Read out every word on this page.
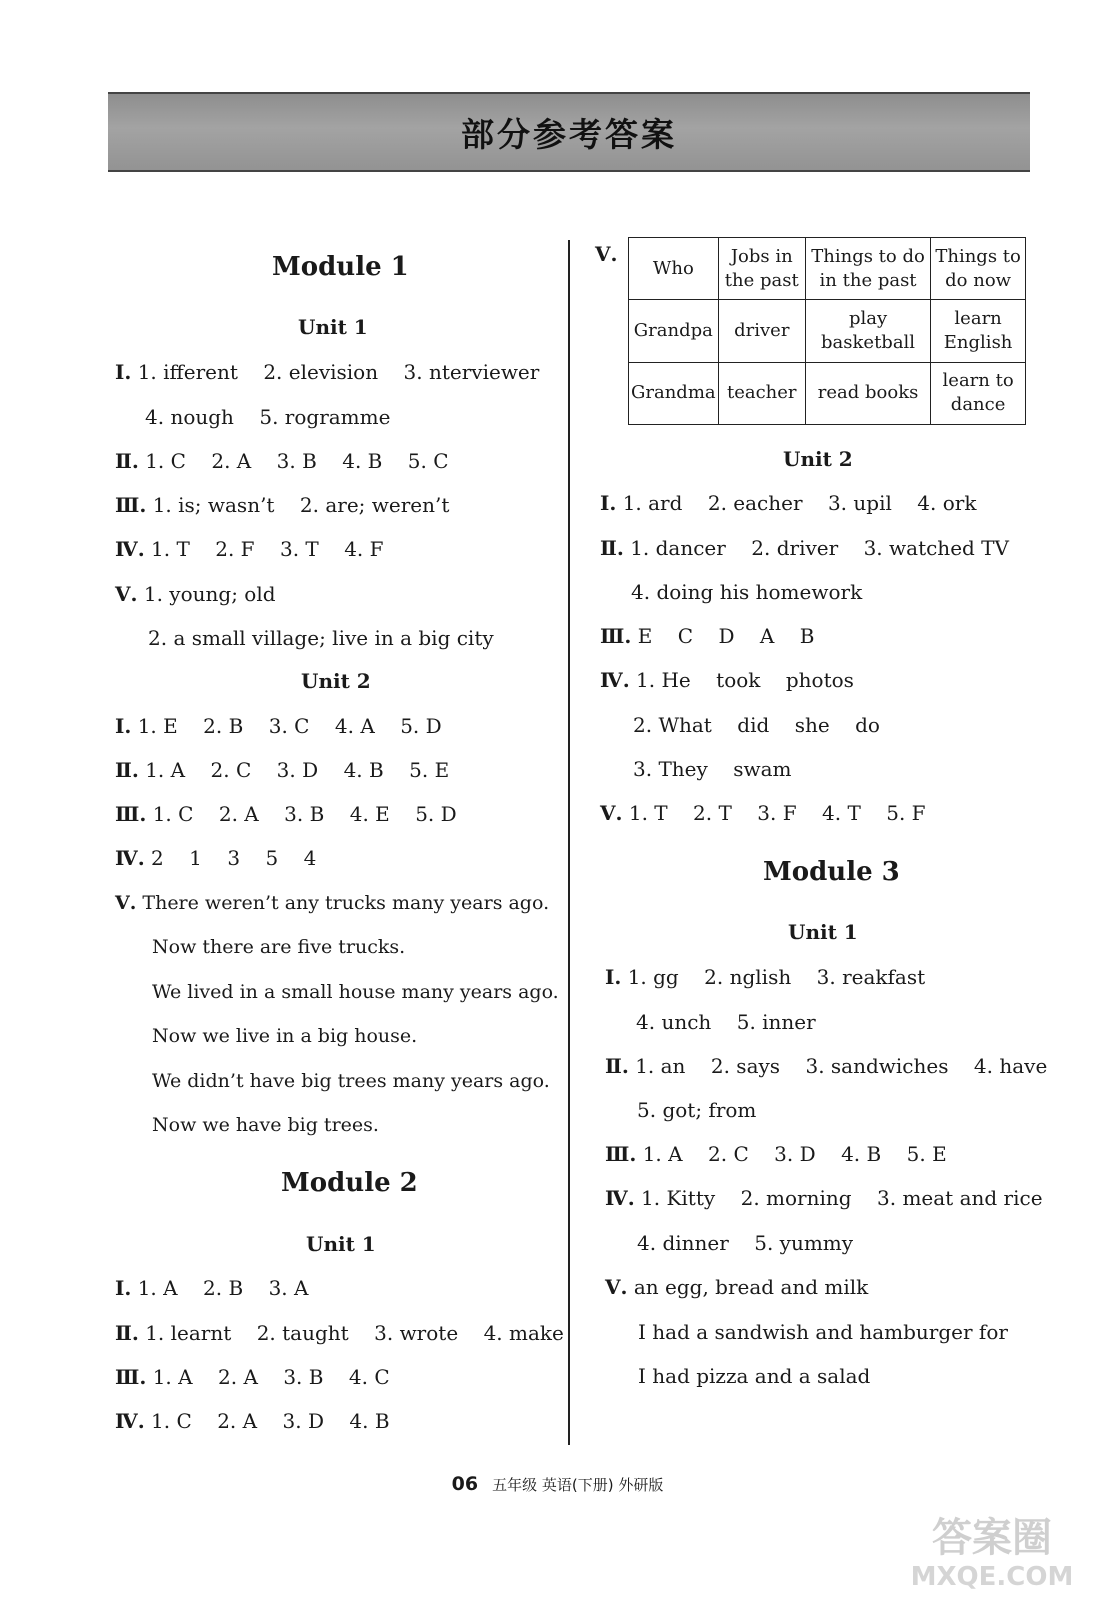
部分参考答案
Module 1
Unit 1
Ⅰ. 1. ifferent    2. elevision    3. nterviewer
4. nough    5. rogramme
Ⅱ. 1. C    2. A    3. B    4. B    5. C
Ⅲ. 1. is; wasn’t    2. are; weren’t
Ⅳ. 1. T    2. F    3. T    4. F
Ⅴ. 1. young; old
2. a small village; live in a big city
Unit 2
Ⅰ. 1. E    2. B    3. C    4. A    5. D
Ⅱ. 1. A    2. C    3. D    4. B    5. E
Ⅲ. 1. C    2. A    3. B    4. E    5. D
Ⅳ. 2    1    3    5    4
Ⅴ. There weren’t any trucks many years ago.
Now there are five trucks.
We lived in a small house many years ago.
Now we live in a big house.
We didn’t have big trees many years ago.
Now we have big trees.
Module 2
Unit 1
Ⅰ. 1. A    2. B    3. A
Ⅱ. 1. learnt    2. taught    3. wrote    4. make
Ⅲ. 1. A    2. A    3. B    4. C
Ⅳ. 1. C    2. A    3. D    4. B
Ⅴ.
Who	Jobs in the past	Things to do in the past	Things to do now
Grandpa	driver	play basketball	learn English
Grandma	teacher	read books	learn to dance
Unit 2
Ⅰ. 1. ard    2. eacher    3. upil    4. ork
Ⅱ. 1. dancer    2. driver    3. watched TV
4. doing his homework
Ⅲ. E    C    D    A    B
Ⅳ. 1. He    took    photos
2. What    did    she    do
3. They    swam
Ⅴ. 1. T    2. T    3. F    4. T    5. F
Module 3
Unit 1
Ⅰ. 1. gg    2. nglish    3. reakfast
4. unch    5. inner
Ⅱ. 1. an    2. says    3. sandwiches    4. have
5. got; from
Ⅲ. 1. A    2. C    3. D    4. B    5. E
Ⅳ. 1. Kitty    2. morning    3. meat and rice
4. dinner    5. yummy
Ⅴ. an egg, bread and milk
I had a sandwish and hamburger for
I had pizza and a salad
06 五年级 英语(下册) 外研版
答案圈
MXQE.COM
